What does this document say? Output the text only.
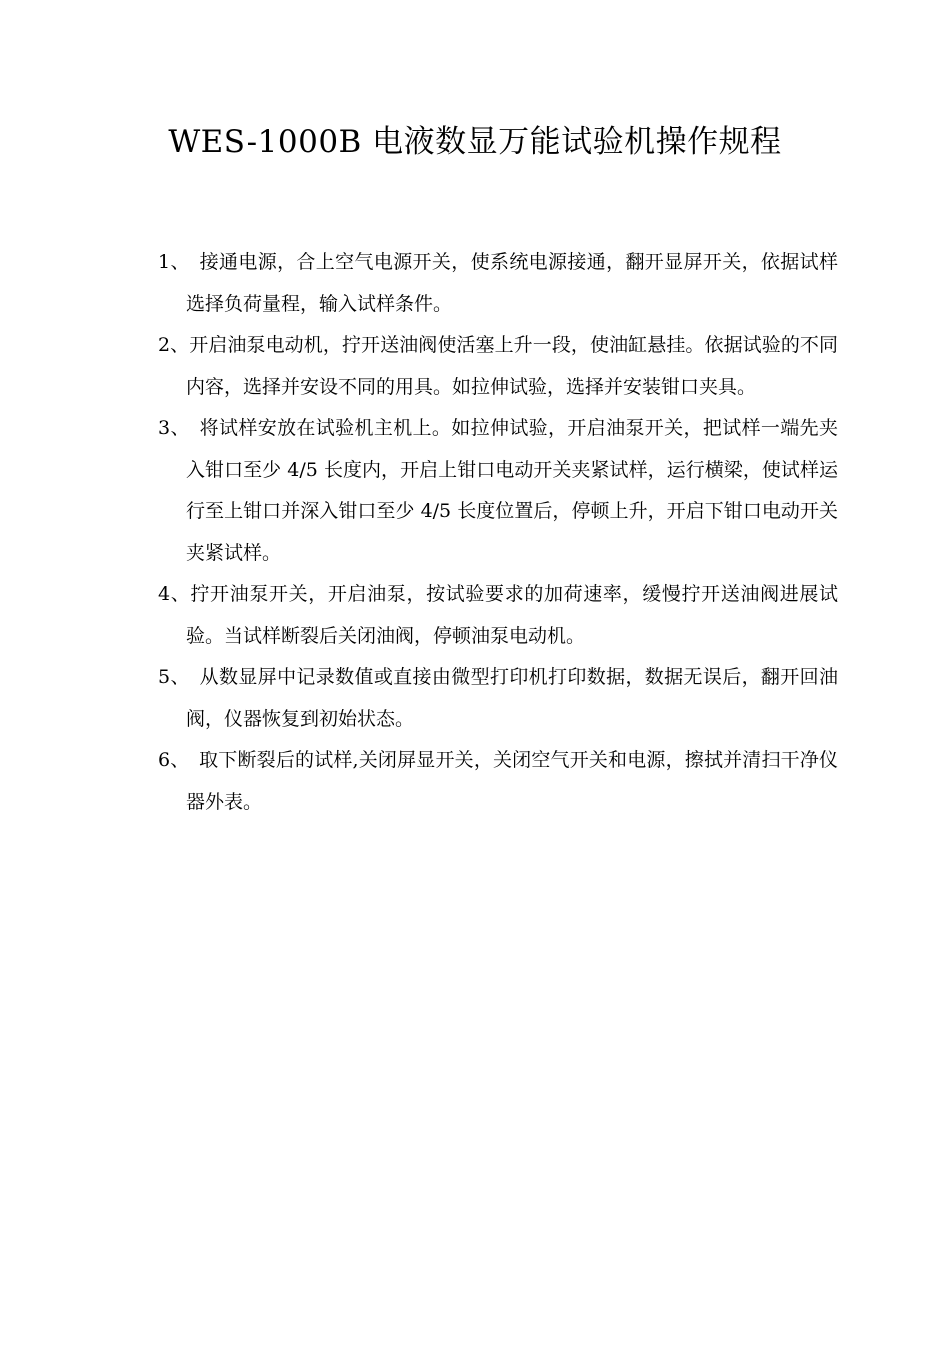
WES-1000B 电液数显万能试验机操作规程
1、　接通电源，合上空气电源开关，使系统电源接通，翻开显屏开关，依据试样选择负荷量程，输入试样条件。
2、开启油泵电动机，拧开送油阀使活塞上升一段，使油缸悬挂。依据试验的不同内容，选择并安设不同的用具。如拉伸试验，选择并安装钳口夹具。
3、　将试样安放在试验机主机上。如拉伸试验，开启油泵开关，把试样一端先夹入钳口至少 4/5 长度内，开启上钳口电动开关夹紧试样，运行横梁，使试样运行至上钳口并深入钳口至少 4/5 长度位置后，停顿上升，开启下钳口电动开关夹紧试样。
4、拧开油泵开关，开启油泵，按试验要求的加荷速率，缓慢拧开送油阀进展试验。当试样断裂后关闭油阀，停顿油泵电动机。
5、　从数显屏中记录数值或直接由微型打印机打印数据，数据无误后，翻开回油阀，仪器恢复到初始状态。
6、　取下断裂后的试样,关闭屏显开关，关闭空气开关和电源，擦拭并清扫干净仪器外表。
